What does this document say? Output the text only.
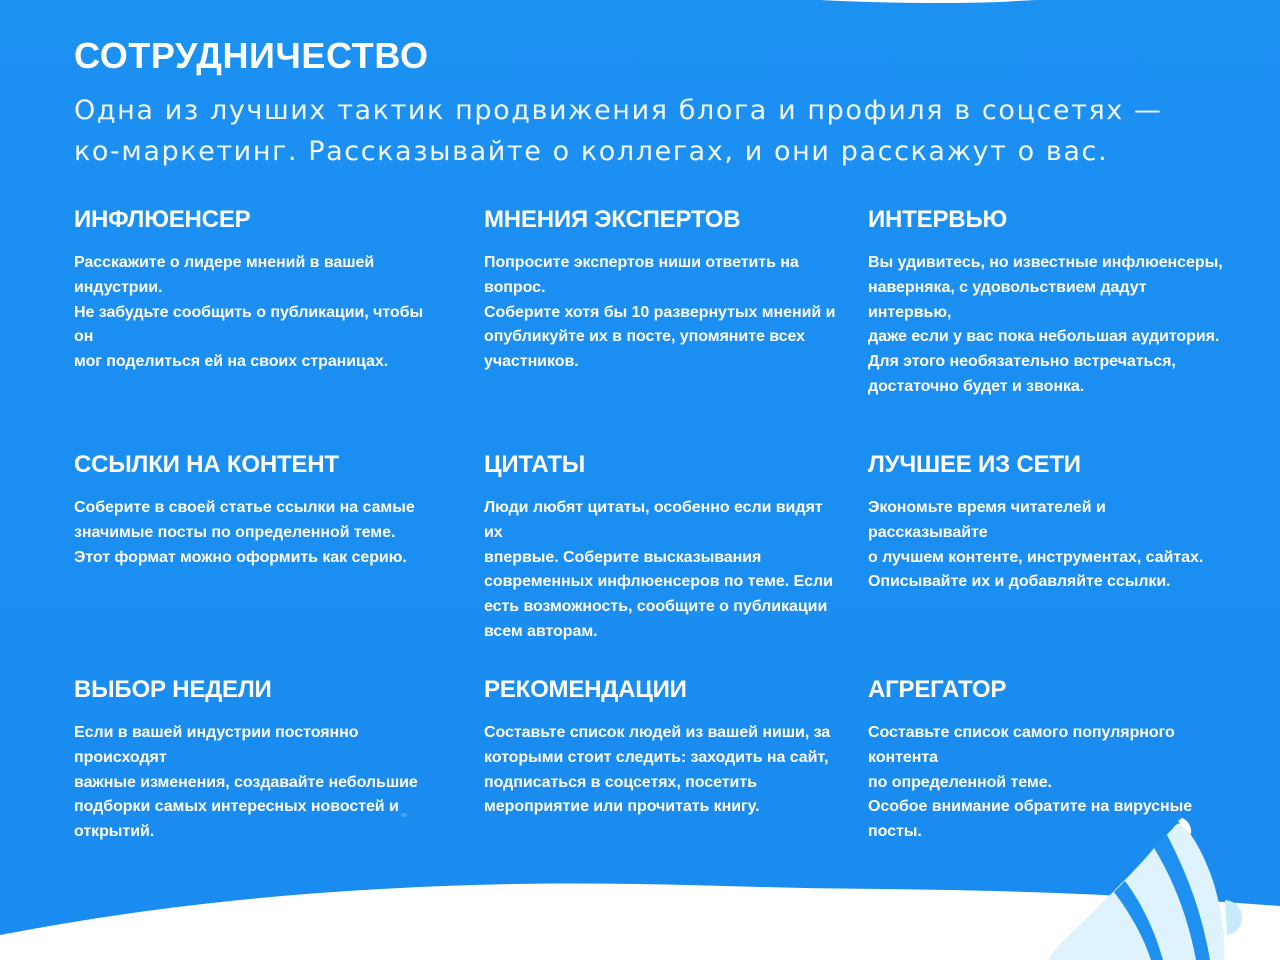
СОТРУДНИЧЕСТВО
Одна из лучших тактик продвижения блога и профиля в соцсетях — ко-маркетинг. Рассказывайте о коллегах, и они расскажут о вас.
ИНФЛЮЕНСЕР

Расскажите о лидере мнений в вашей индустрии.
Не забудьте сообщить о публикации, чтобы он
мог поделиться ей на своих страницах.

МНЕНИЯ ЭКСПЕРТОВ

Попросите экспертов ниши ответить на вопрос.
Соберите хотя бы 10 развернутых мнений и
опубликуйте их в посте, упомяните всех
участников.

ИНТЕРВЬЮ

Вы удивитесь, но известные инфлюенсеры,
наверняка, с удовольствием дадут интервью,
даже если у вас пока небольшая аудитория.
Для этого необязательно встречаться,
достаточно будет и звонка.

ССЫЛКИ НА КОНТЕНТ

Соберите в своей статье ссылки на самые
значимые посты по определенной теме.
Этот формат можно оформить как серию.

ЦИТАТЫ

Люди любят цитаты, особенно если видят их
впервые. Соберите высказывания
современных инфлюенсеров по теме. Если
есть возможность, сообщите о публикации
всем авторам.

ЛУЧШЕЕ ИЗ СЕТИ

Экономьте время читателей и рассказывайте
о лучшем контенте, инструментах, сайтах.
Описывайте их и добавляйте ссылки.

ВЫБОР НЕДЕЛИ

Если в вашей индустрии постоянно происходят
важные изменения, создавайте небольшие
подборки самых интересных новостей и
открытий.

РЕКОМЕНДАЦИИ

Составьте список людей из вашей ниши, за
которыми стоит следить: заходить на сайт,
подписаться в соцсетях, посетить
мероприятие или прочитать книгу.

АГРЕГАТОР

Составьте список самого популярного контента
по определенной теме.
Особое внимание обратите на вирусные посты.
